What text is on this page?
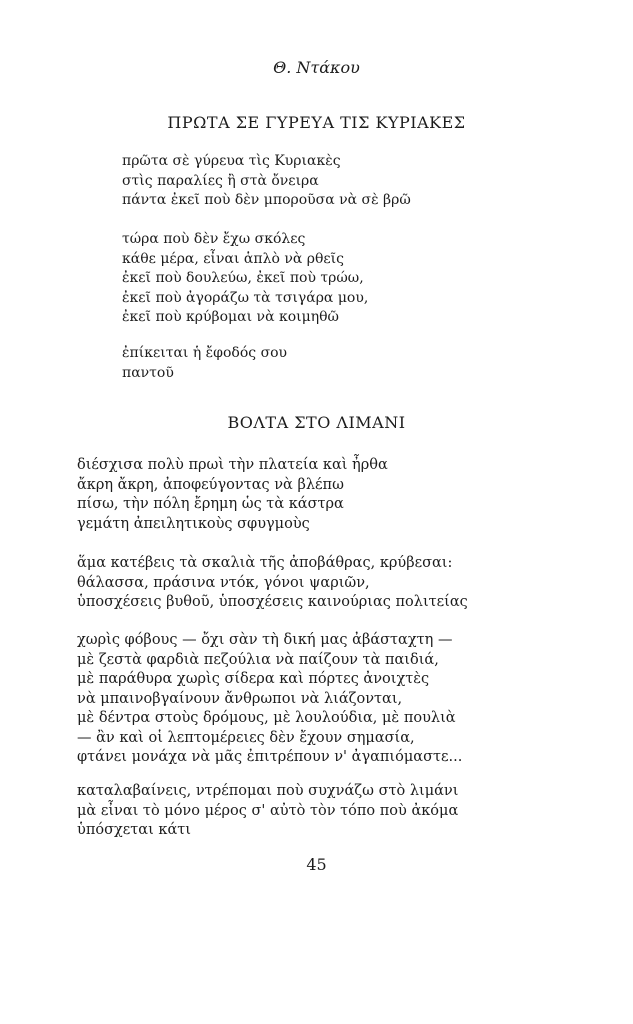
Θ. Ντάκου
ΠΡΩΤΑ ΣΕ ΓΥΡΕΥΑ ΤΙΣ ΚΥΡΙΑΚΕΣ
πρῶτα σὲ γύρευα τὶς Κυριακὲς
στὶς παραλίες ἢ στὰ ὄνειρα
πάντα ἐκεῖ ποὺ δὲν μποροῦσα νὰ σὲ βρῶ
τώρα ποὺ δὲν ἔχω σκόλες
κάθε μέρα, εἶναι ἁπλὸ νὰ ρθεῖς
ἐκεῖ ποὺ δουλεύω, ἐκεῖ ποὺ τρώω,
ἐκεῖ ποὺ ἀγοράζω τὰ τσιγάρα μου,
ἐκεῖ ποὺ κρύβομαι νὰ κοιμηθῶ
ἐπίκειται ἡ ἔφοδός σου
παντοῦ
ΒΟΛΤΑ ΣΤΟ ΛΙΜΑΝΙ
διέσχισα πολὺ πρωὶ τὴν πλατεία καὶ ἦρθα
ἄκρη ἄκρη, ἀποφεύγοντας νὰ βλέπω
πίσω, τὴν πόλη ἔρημη ὡς τὰ κάστρα
γεμάτη ἀπειλητικοὺς σφυγμοὺς
ἅμα κατέβεις τὰ σκαλιὰ τῆς ἀποβάθρας, κρύβεσαι:
θάλασσα, πράσινα ντόκ, γόνοι ψαριῶν,
ὑποσχέσεις βυθοῦ, ὑποσχέσεις καινούριας πολιτείας
χωρὶς φόβους — ὄχι σὰν τὴ δική μας ἀβάσταχτη —
μὲ ζεστὰ φαρδιὰ πεζούλια νὰ παίζουν τὰ παιδιά,
μὲ παράθυρα χωρὶς σίδερα καὶ πόρτες ἀνοιχτὲς
νὰ μπαινοβγαίνουν ἄνθρωποι νὰ λιάζονται,
μὲ δέντρα στοὺς δρόμους, μὲ λουλούδια, μὲ πουλιὰ
— ἂν καὶ οἱ λεπτομέρειες δὲν ἔχουν σημασία,
φτάνει μονάχα νὰ μᾶς ἐπιτρέπουν ν' ἀγαπιόμαστε...
καταλαβαίνεις, ντρέπομαι ποὺ συχνάζω στὸ λιμάνι
μὰ εἶναι τὸ μόνο μέρος σ' αὐτὸ τὸν τόπο ποὺ ἀκόμα
ὑπόσχεται κάτι
45
